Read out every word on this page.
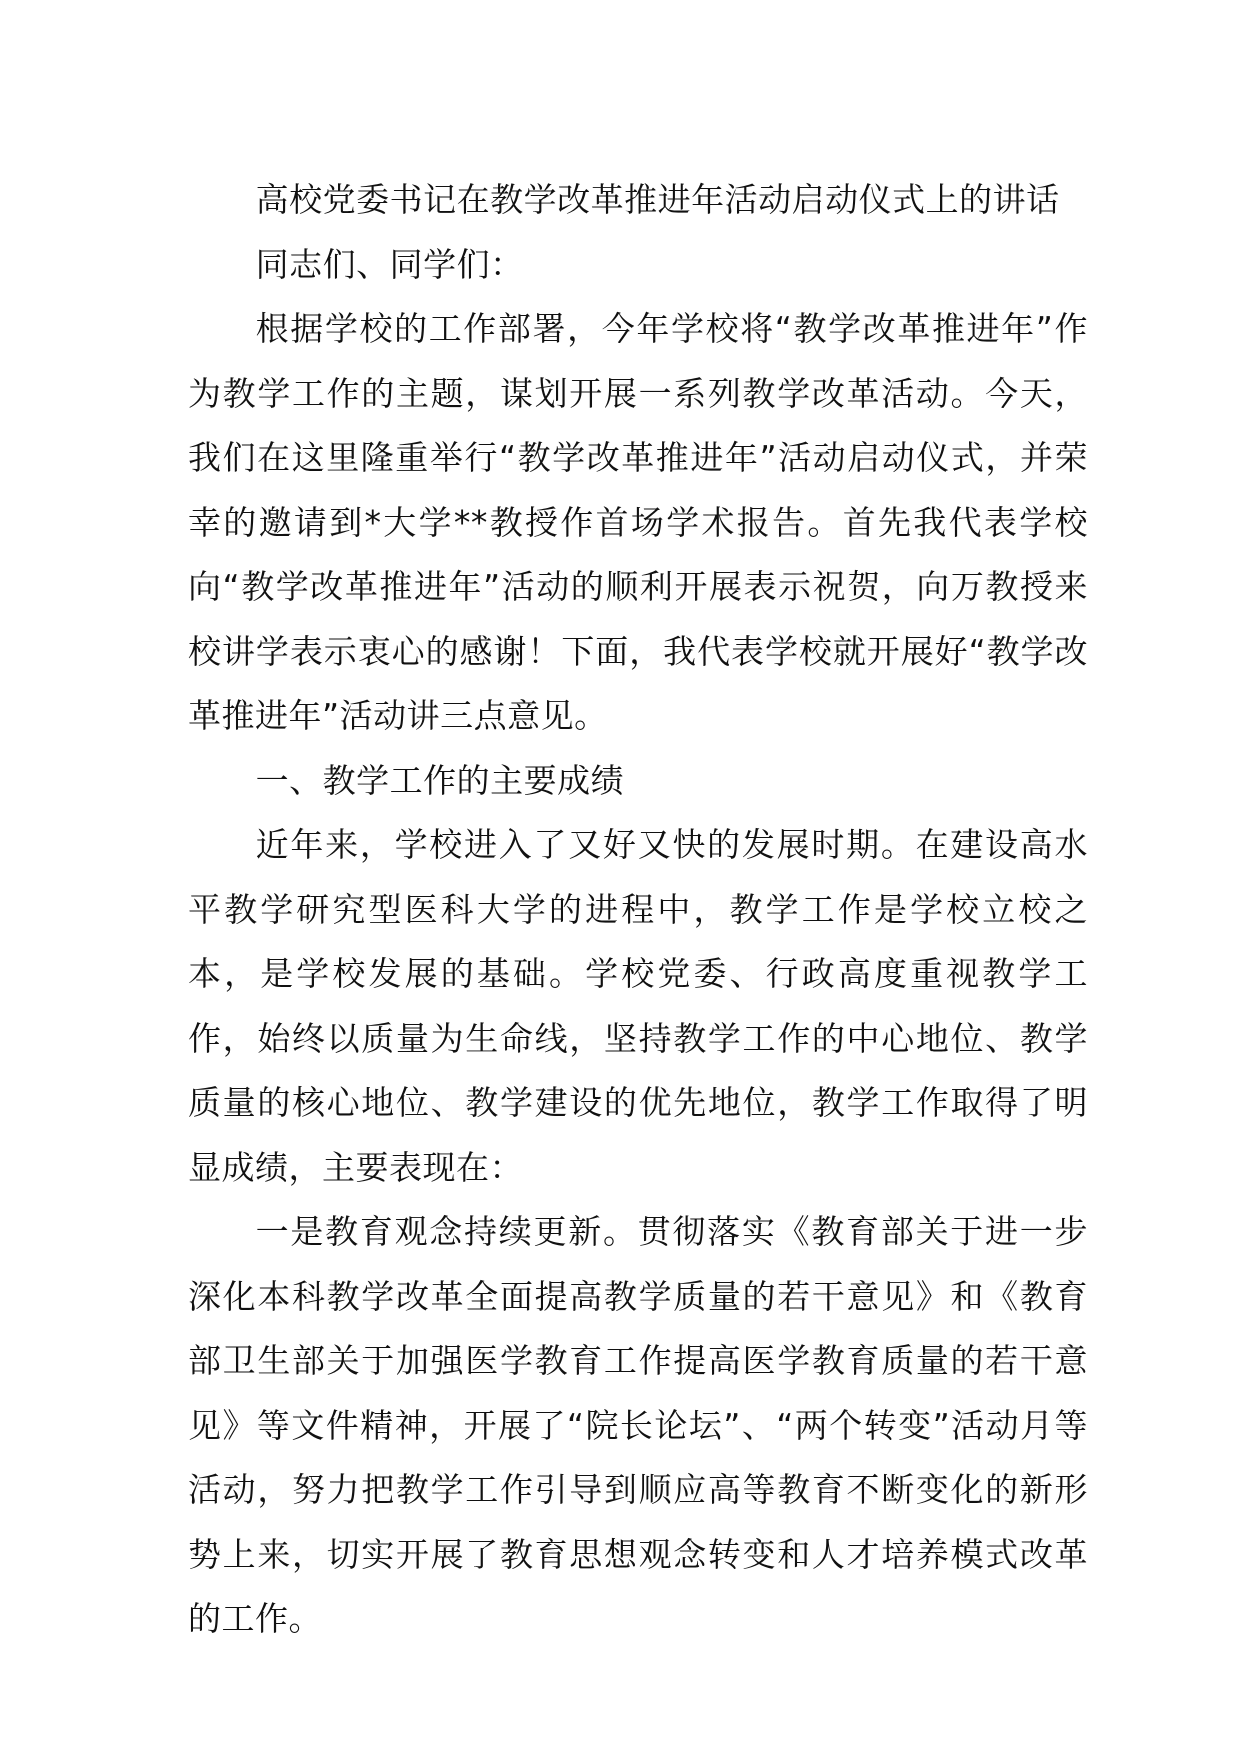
高校党委书记在教学改革推进年活动启动仪式上的讲话

同志们、同学们：

根据学校的工作部署，今年学校将“教学改革推进年”作为教学工作的主题，谋划开展一系列教学改革活动。今天，我们在这里隆重举行“教学改革推进年”活动启动仪式，并荣幸的邀请到*大学**教授作首场学术报告。首先我代表学校向“教学改革推进年”活动的顺利开展表示祝贺，向万教授来校讲学表示衷心的感谢！下面，我代表学校就开展好“教学改革推进年”活动讲三点意见。

一、教学工作的主要成绩

近年来，学校进入了又好又快的发展时期。在建设高水平教学研究型医科大学的进程中，教学工作是学校立校之本，是学校发展的基础。学校党委、行政高度重视教学工作，始终以质量为生命线，坚持教学工作的中心地位、教学质量的核心地位、教学建设的优先地位，教学工作取得了明显成绩，主要表现在：

一是教育观念持续更新。贯彻落实《教育部关于进一步深化本科教学改革全面提高教学质量的若干意见》和《教育部卫生部关于加强医学教育工作提高医学教育质量的若干意见》等文件精神，开展了“院长论坛”、“两个转变”活动月等活动，努力把教学工作引导到顺应高等教育不断变化的新形势上来，切实开展了教育思想观念转变和人才培养模式改革的工作。
